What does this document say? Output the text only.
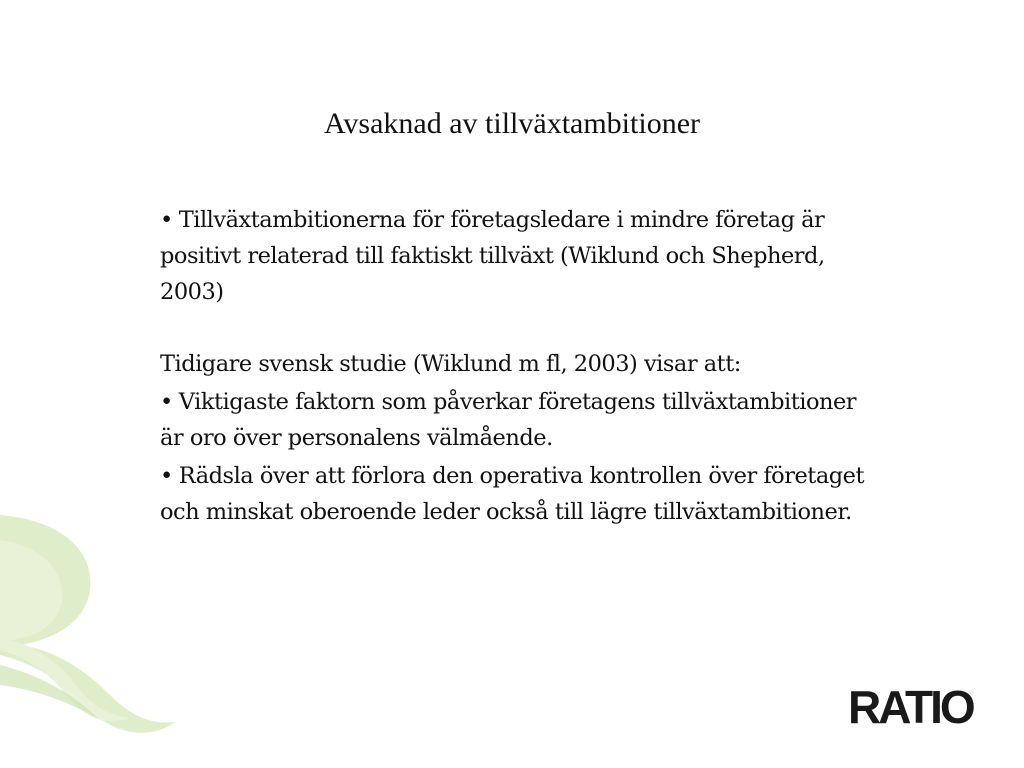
Avsaknad av tillväxtambitioner

• Tillväxtambitionerna för företagsledare i mindre företag är positivt relaterad till faktiskt tillväxt (Wiklund och Shepherd, 2003)

Tidigare svensk studie (Wiklund m fl, 2003) visar att:

• Viktigaste faktorn som påverkar företagens tillväxtambitioner är oro över personalens välmående.

• Rädsla över att förlora den operativa kontrollen över företaget och minskat oberoende leder också till lägre tillväxtambitioner.

RATIO
